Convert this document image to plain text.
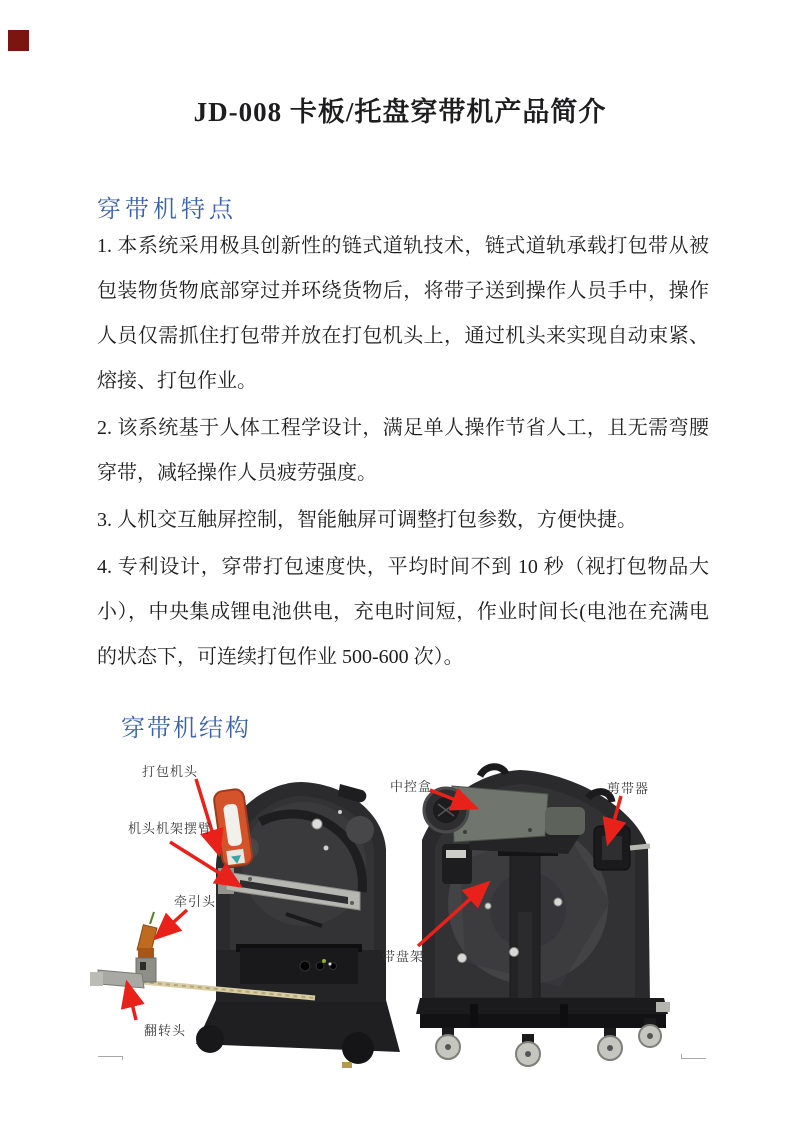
JD-008 卡板/托盘穿带机产品简介
穿带机特点

1. 本系统采用极具创新性的链式道轨技术，链式道轨承载打包带从被包装物货物底部穿过并环绕货物后，将带子送到操作人员手中，操作人员仅需抓住打包带并放在打包机头上，通过机头来实现自动束紧、熔接、打包作业。

2. 该系统基于人体工程学设计，满足单人操作节省人工，且无需弯腰穿带，减轻操作人员疲劳强度。

3. 人机交互触屏控制，智能触屏可调整打包参数，方便快捷。

4. 专利设计，穿带打包速度快，平均时间不到 10 秒（视打包物品大小），中央集成锂电池供电，充电时间短，作业时间长(电池在充满电的状态下，可连续打包作业 500-600 次）。

穿带机结构
打包机头
机头机架摆臂
牵引头
翻转头
中控盒
带盘架
剪带器
